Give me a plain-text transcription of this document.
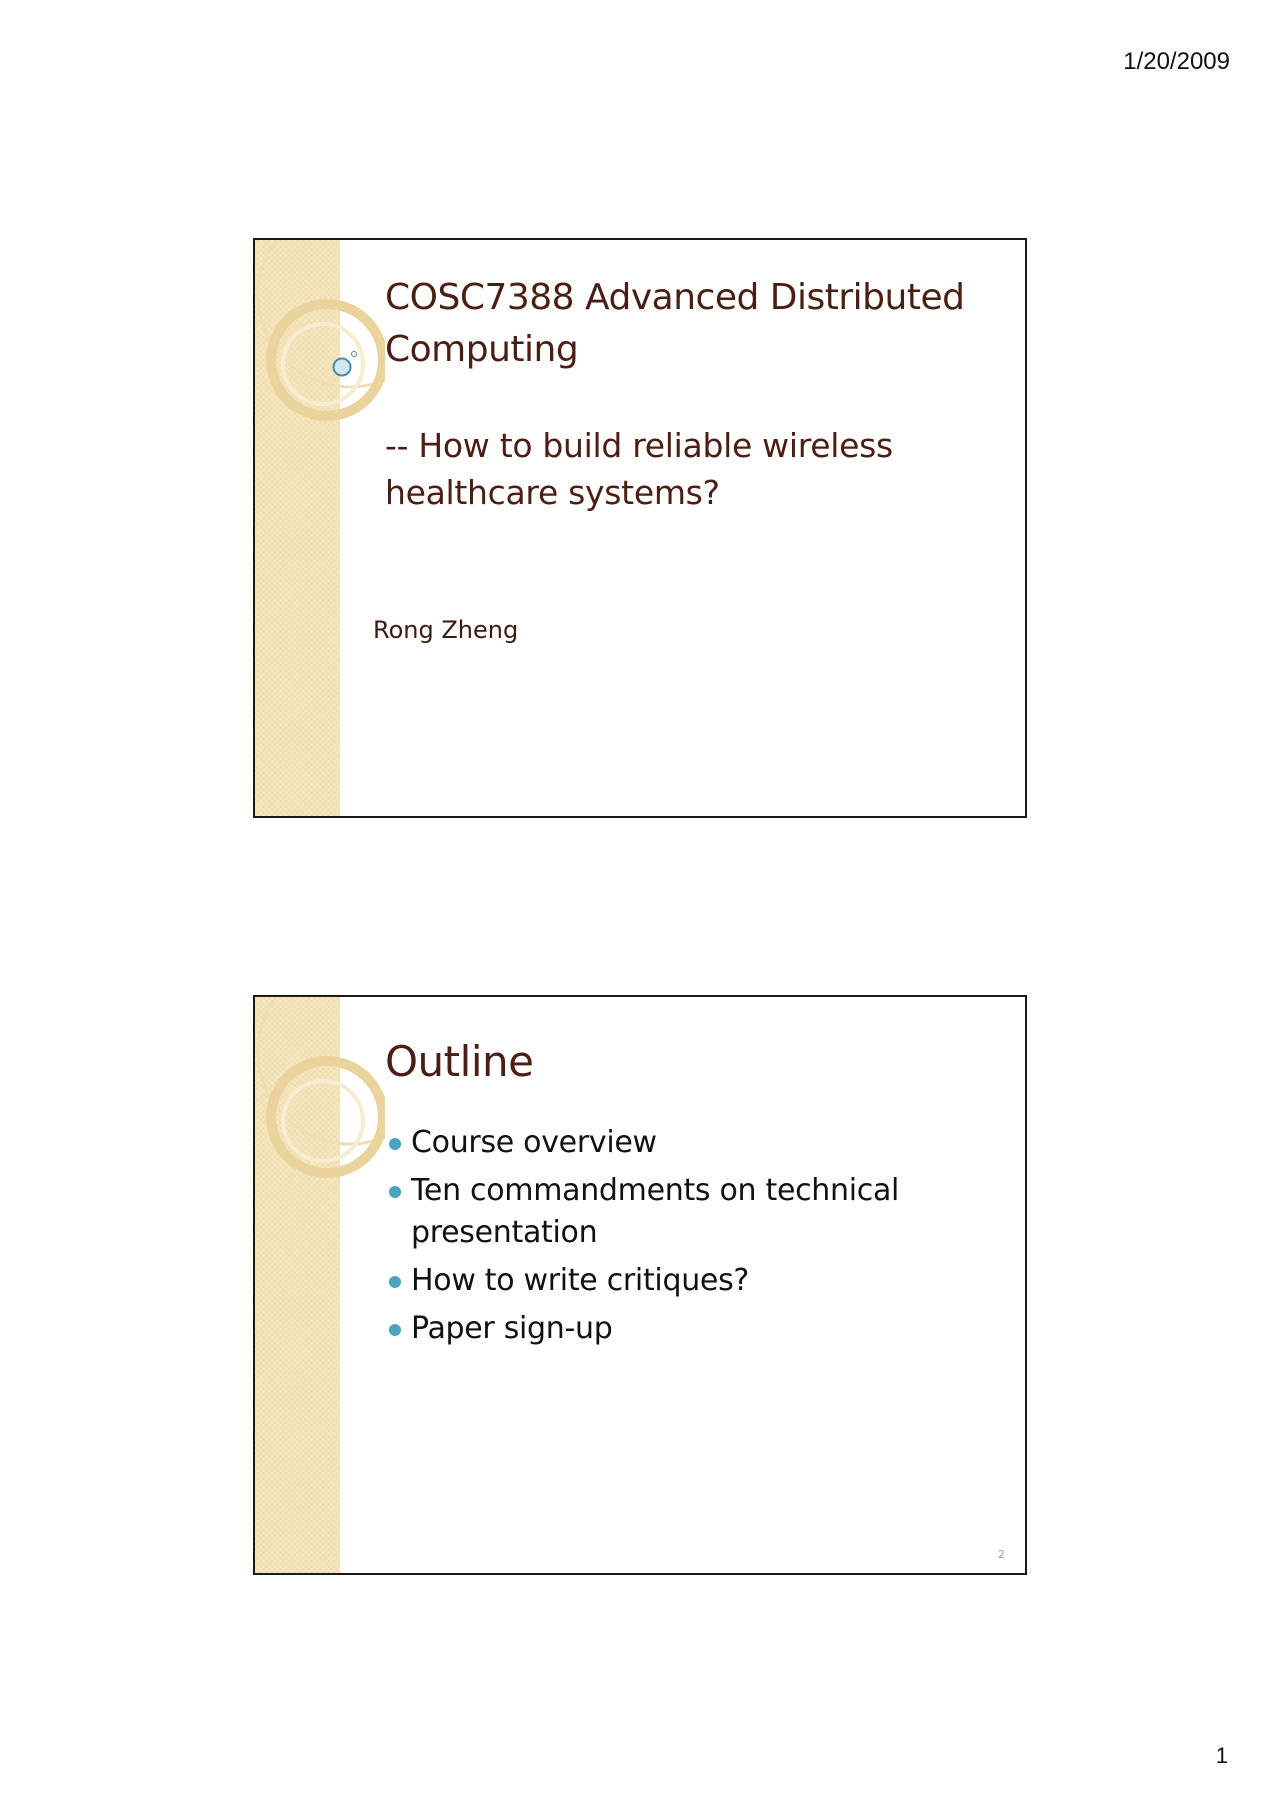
1/20/2009
COSC7388 Advanced Distributed
Computing
-- How to build reliable wireless
healthcare systems?
Rong Zheng
Outline
Course overview
Ten commandments on technical presentation
How to write critiques?
Paper sign-up
2
1
